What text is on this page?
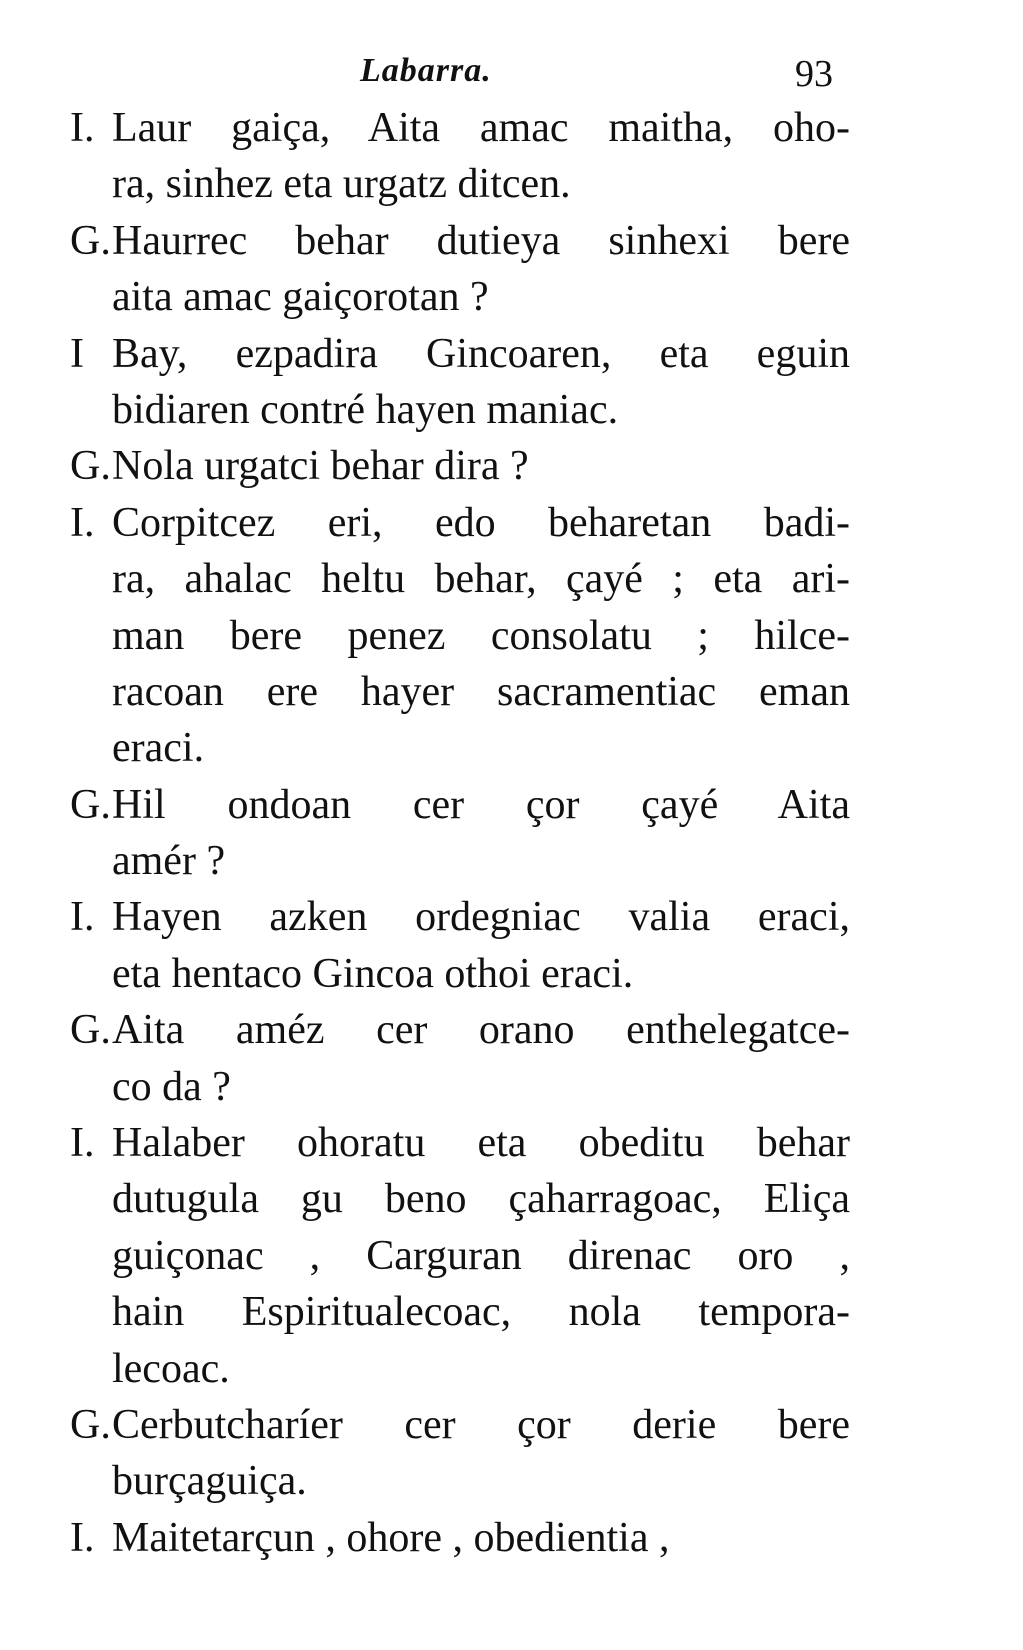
Labarra.	93
I. Laur gaiça, Aita amac maitha, oho-
ra, sinhez eta urgatz ditcen.
G.Haurrec behar dutieya sinhexi bere
aita amac gaiçorotan ?
I Bay, ezpadira Gincoaren, eta eguin
bidiaren contré hayen maniac.
G.Nola urgatci behar dira ?
I. Corpitcez eri, edo beharetan badi-
ra, ahalac heltu behar, çayé ; eta ari-
man bere penez consolatu ; hilce-
racoan ere hayer sacramentiac eman
eraci.
G.Hil ondoan cer çor çayé Aita
amér ?
I. Hayen azken ordegniac valia eraci,
eta hentaco Gincoa othoi eraci.
G.Aita améz cer orano enthelegatce-
co da ?
I. Halaber ohoratu eta obeditu behar
dutugula gu beno çaharragoac, Eliça
guiçonac , Carguran direnac oro ,
hain Espiritualecoac, nola tempora-
lecoac.
G.Cerbutcharíer cer çor derie bere
burçaguiça.
I. Maitetarçun , ohore , obedientia ,
